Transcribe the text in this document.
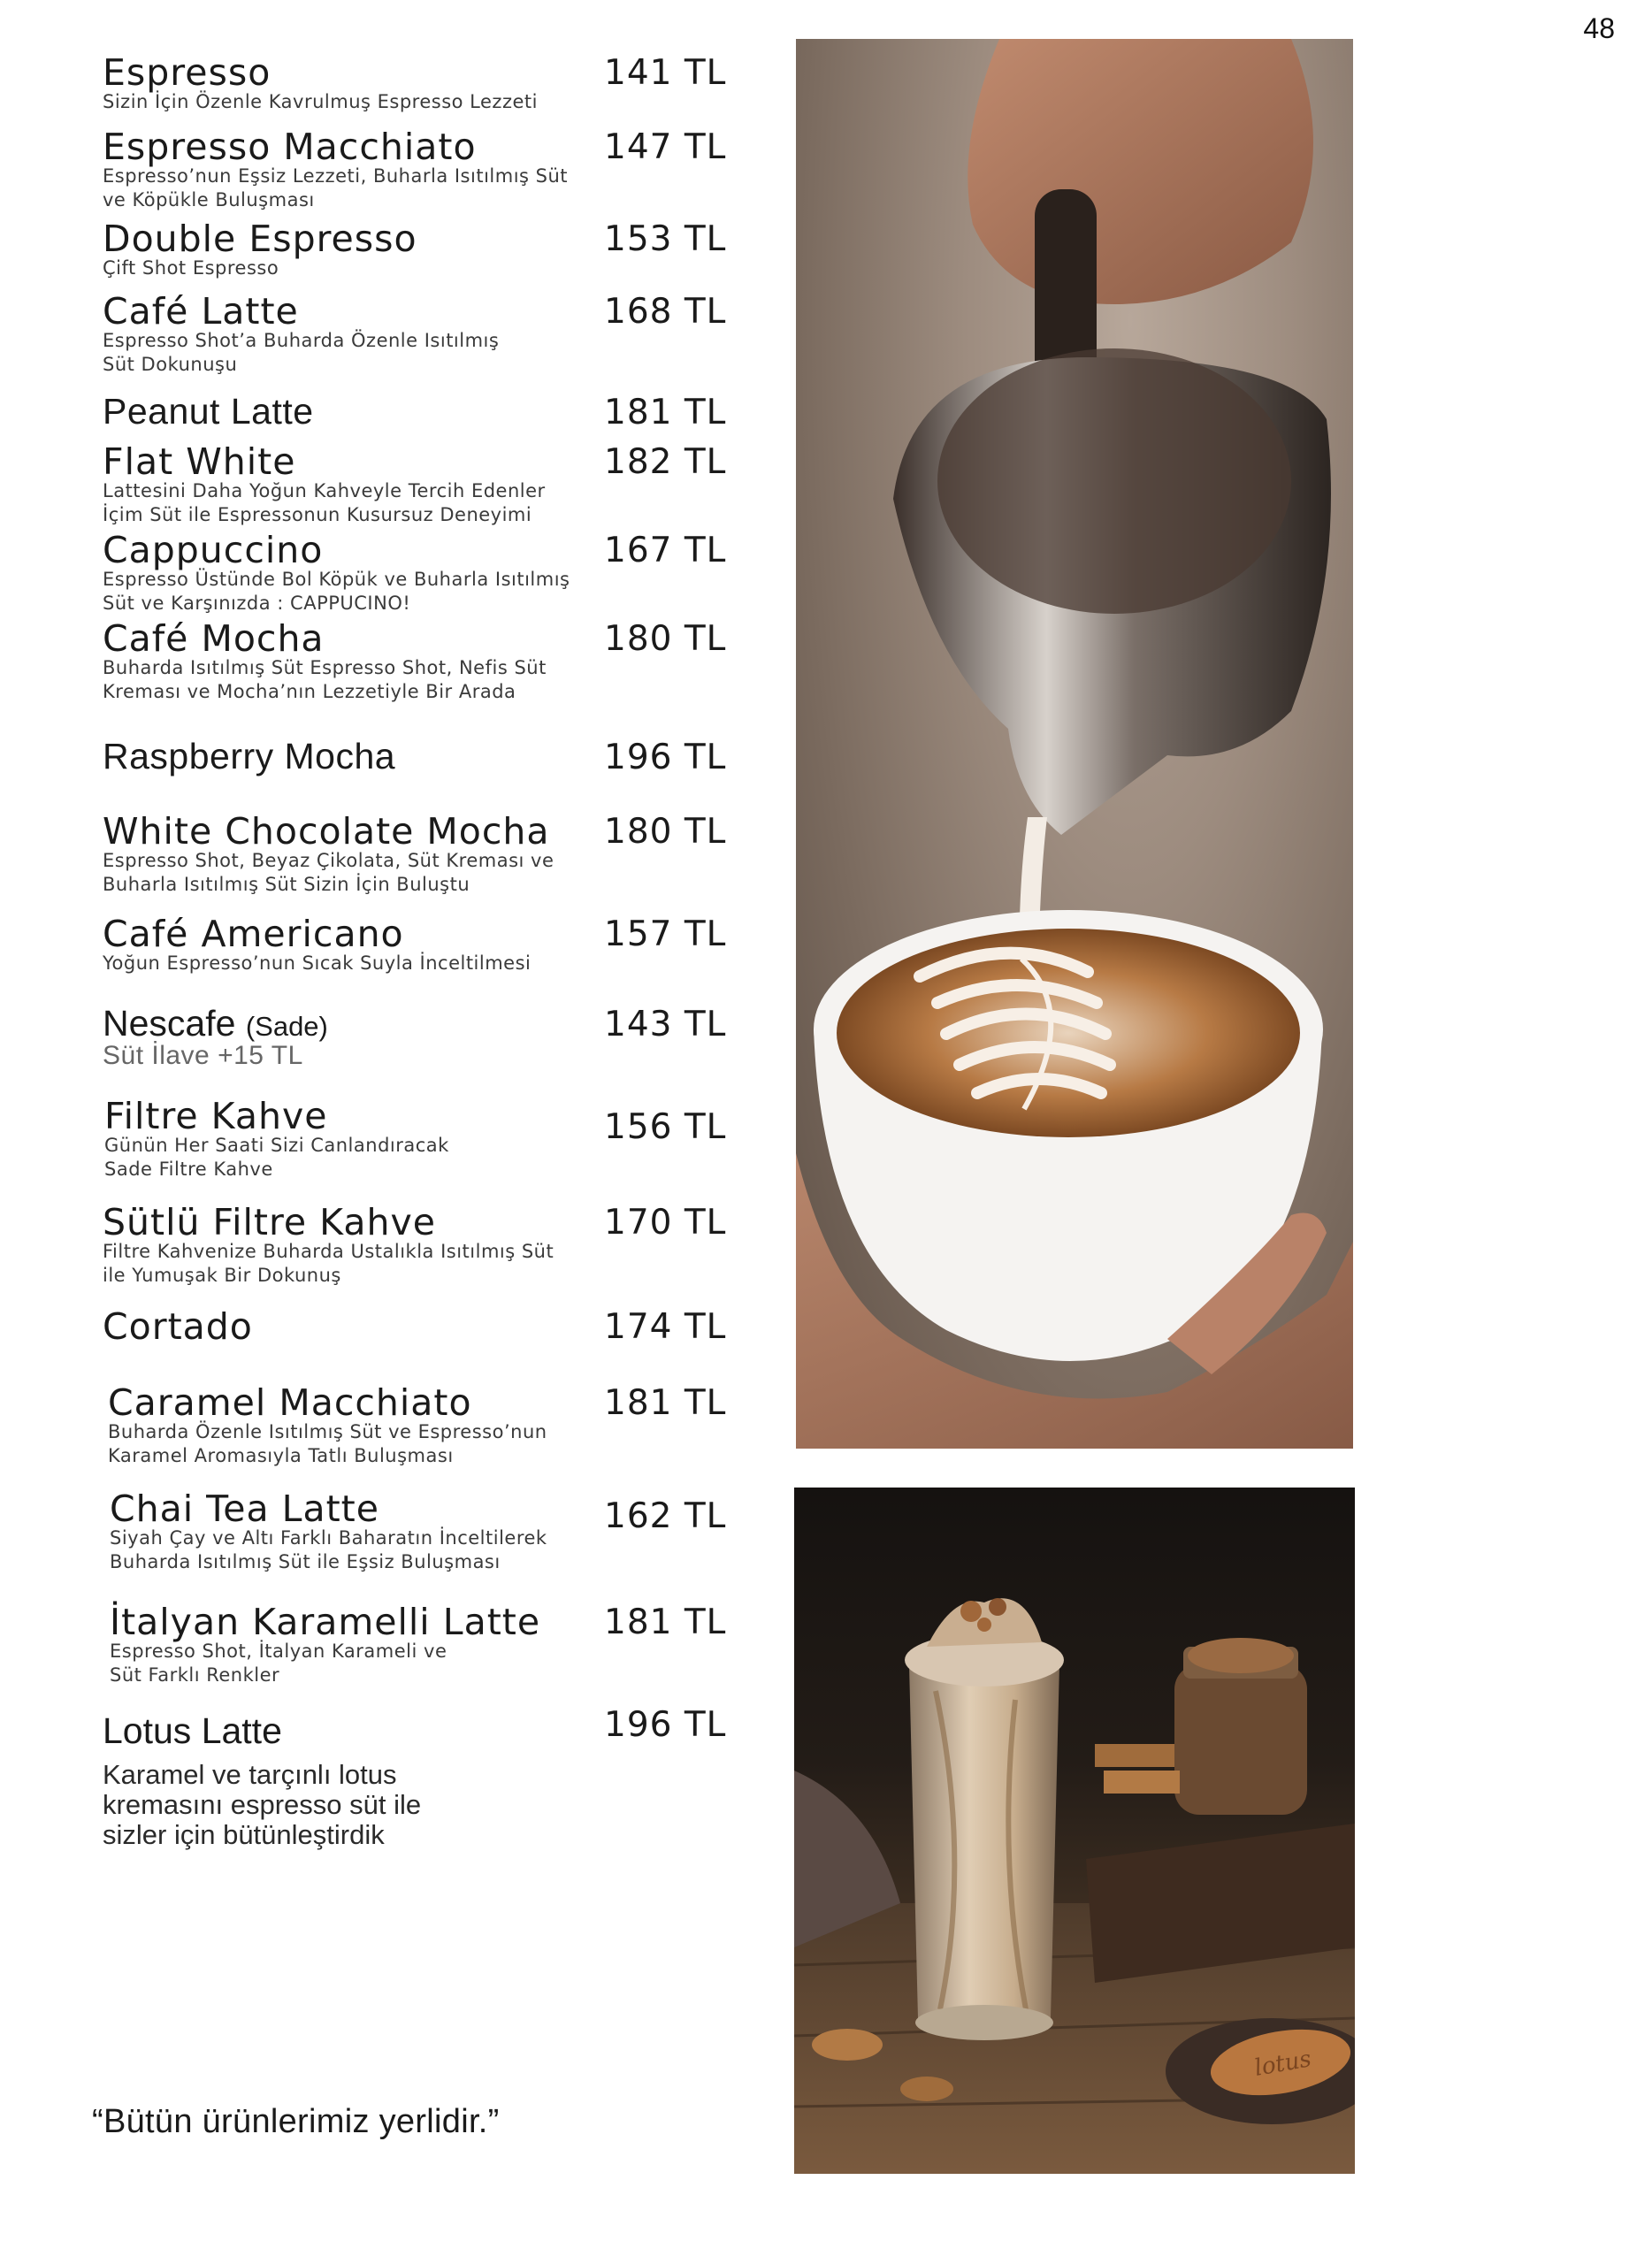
48
Espresso	141 TL
Sizin İçin Özenle Kavrulmuş Espresso Lezzeti
Espresso Macchiato	147 TL
Espresso’nun Eşsiz Lezzeti, Buharla Isıtılmış Süt
ve Köpükle Buluşması
Double Espresso	153 TL
Çift Shot Espresso
Café Latte	168 TL
Espresso Shot’a Buharda Özenle Isıtılmış
Süt Dokunuşu
Peanut Latte	181 TL
Flat White	182 TL
Lattesini Daha Yoğun Kahveyle Tercih Edenler
İçim Süt ile Espressonun Kusursuz Deneyimi
Cappuccino	167 TL
Espresso Üstünde Bol Köpük ve Buharla Isıtılmış
Süt ve Karşınızda : CAPPUCINO!
Café Mocha	180 TL
Buharda Isıtılmış Süt Espresso Shot, Nefis Süt
Kreması ve Mocha’nın Lezzetiyle Bir Arada
Raspberry Mocha	196 TL
White Chocolate Mocha 180 TL
Espresso Shot, Beyaz Çikolata, Süt Kreması ve
Buharla Isıtılmış Süt Sizin İçin Buluştu
Café Americano	157 TL
Yoğun Espresso’nun Sıcak Suyla İnceltilmesi
Nescafe (Sade)	143 TL
Süt İlave +15 TL
Filtre Kahve	156 TL
Günün Her Saati Sizi Canlandıracak
Sade Filtre Kahve
Sütlü Filtre Kahve	170 TL
Filtre Kahvenize Buharda Ustalıkla Isıtılmış Süt
ile Yumuşak Bir Dokunuş
Cortado	174 TL
Caramel Macchiato	181 TL
Buharda Özenle Isıtılmış Süt ve Espresso’nun
Karamel Aromasıyla Tatlı Buluşması
Chai Tea Latte	162 TL
Siyah Çay ve Altı Farklı Baharatın İnceltilerek
Buharda Isıtılmış Süt ile Eşsiz Buluşması
İtalyan Karamelli Latte 181 TL
Espresso Shot, İtalyan Karameli ve
Süt Farklı Renkler
Lotus Latte	196 TL
Karamel ve tarçınlı lotus
kremasını espresso süt ile
sizler için bütünleştirdik
“Bütün ürünlerimiz yerlidir.”
lotus
